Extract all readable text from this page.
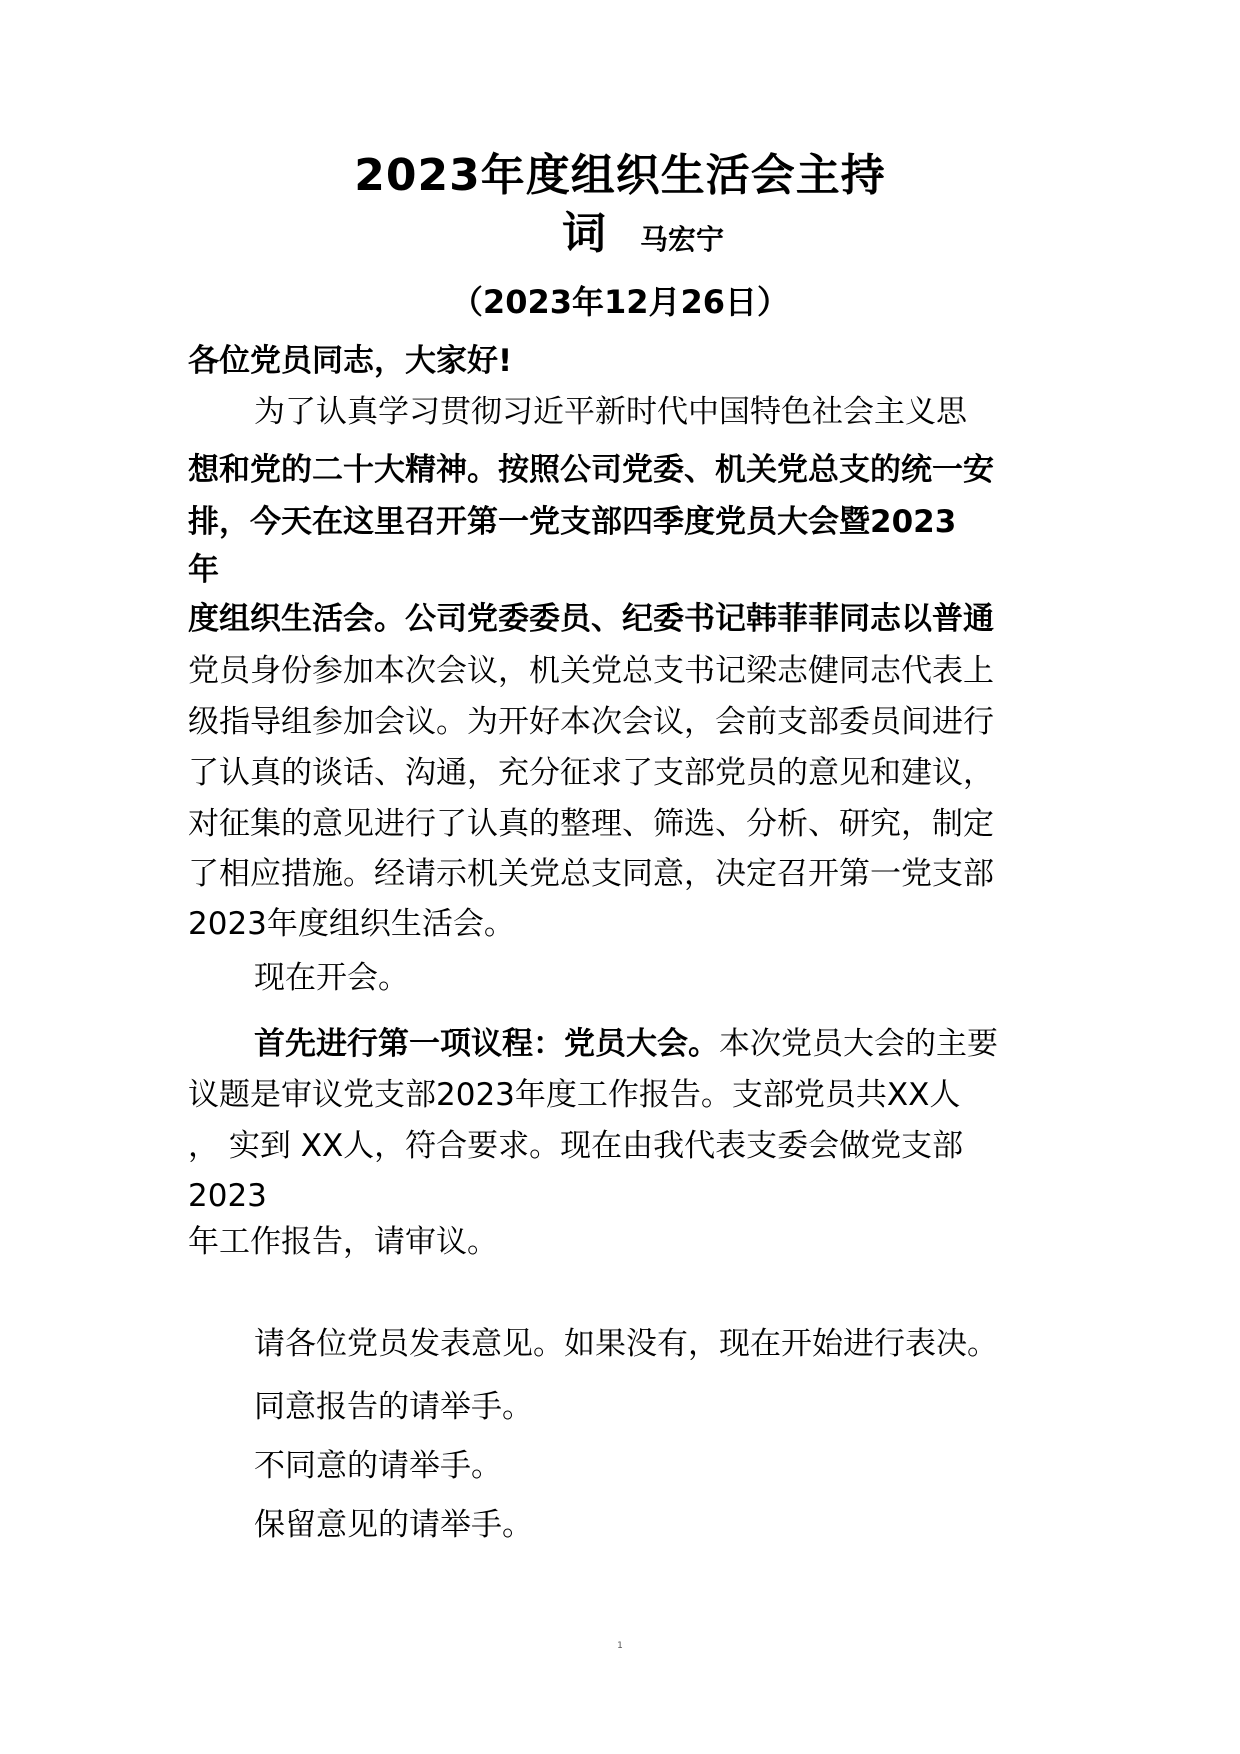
2023年度组织生活会主持
词 马宏宁
（2023年12月26日）
各位党员同志，大家好!
为了认真学习贯彻习近平新时代中国特色社会主义思
想和党的二十大精神。按照公司党委、机关党总支的统一安
排，今天在这里召开第一党支部四季度党员大会暨2023
年
度组织生活会。公司党委委员、纪委书记韩菲菲同志以普通
党员身份参加本次会议，机关党总支书记梁志健同志代表上
级指导组参加会议。为开好本次会议，会前支部委员间进行
了认真的谈话、沟通，充分征求了支部党员的意见和建议，
对征集的意见进行了认真的整理、筛选、分析、研究，制定
了相应措施。经请示机关党总支同意，决定召开第一党支部
2023年度组织生活会。
现在开会。
首先进行第一项议程：党员大会。本次党员大会的主要
议题是审议党支部2023年度工作报告。支部党员共XX人
， 实到 XX人，符合要求。现在由我代表支委会做党支部
2023
年工作报告，请审议。
请各位党员发表意见。如果没有，现在开始进行表决。
同意报告的请举手。
不同意的请举手。
保留意见的请举手。
1
